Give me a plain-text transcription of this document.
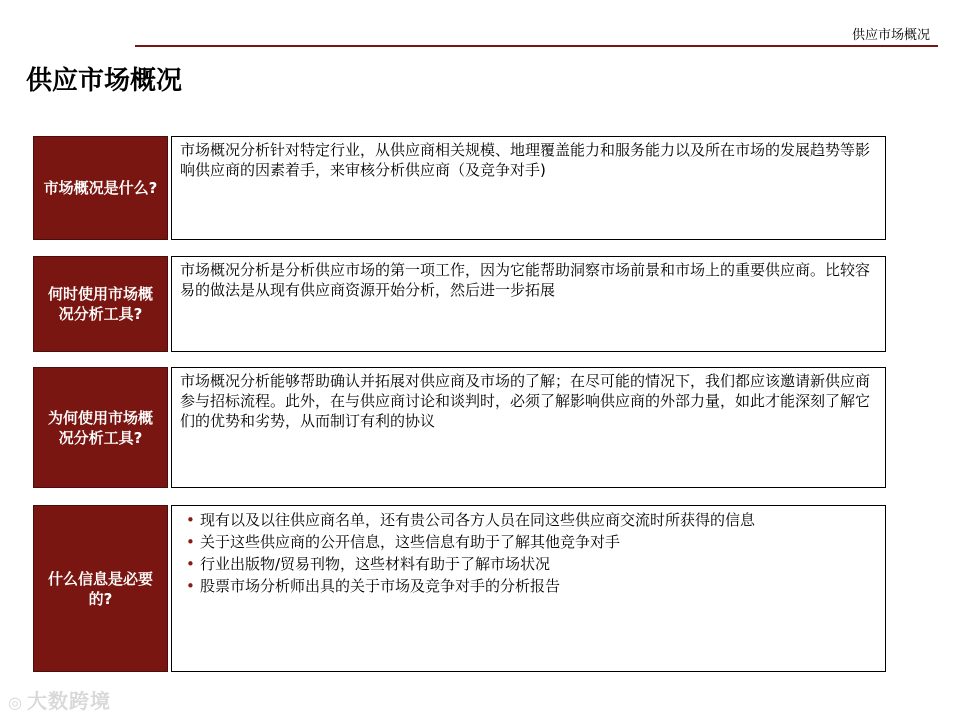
供应市场概况
供应市场概况
市场概况是什么?
市场概况分析针对特定行业，从供应商相关规模、地理覆盖能力和服务能力以及所在市场的发展趋势等影响供应商的因素着手，来审核分析供应商（及竞争对手)
何时使用市场概况分析工具?
市场概况分析是分析供应市场的第一项工作，因为它能帮助洞察市场前景和市场上的重要供应商。比较容易的做法是从现有供应商资源开始分析，然后进一步拓展
为何使用市场概况分析工具?
市场概况分析能够帮助确认并拓展对供应商及市场的了解；在尽可能的情况下，我们都应该邀请新供应商参与招标流程。此外，在与供应商讨论和谈判时，必须了解影响供应商的外部力量，如此才能深刻了解它们的优势和劣势，从而制订有利的协议
什么信息是必要的?
• 现有以及以往供应商名单，还有贵公司各方人员在同这些供应商交流时所获得的信息
• 关于这些供应商的公开信息，这些信息有助于了解其他竞争对手
• 行业出版物/贸易刊物，这些材料有助于了解市场状况
• 股票市场分析师出具的关于市场及竞争对手的分析报告
◎ 大数跨境
